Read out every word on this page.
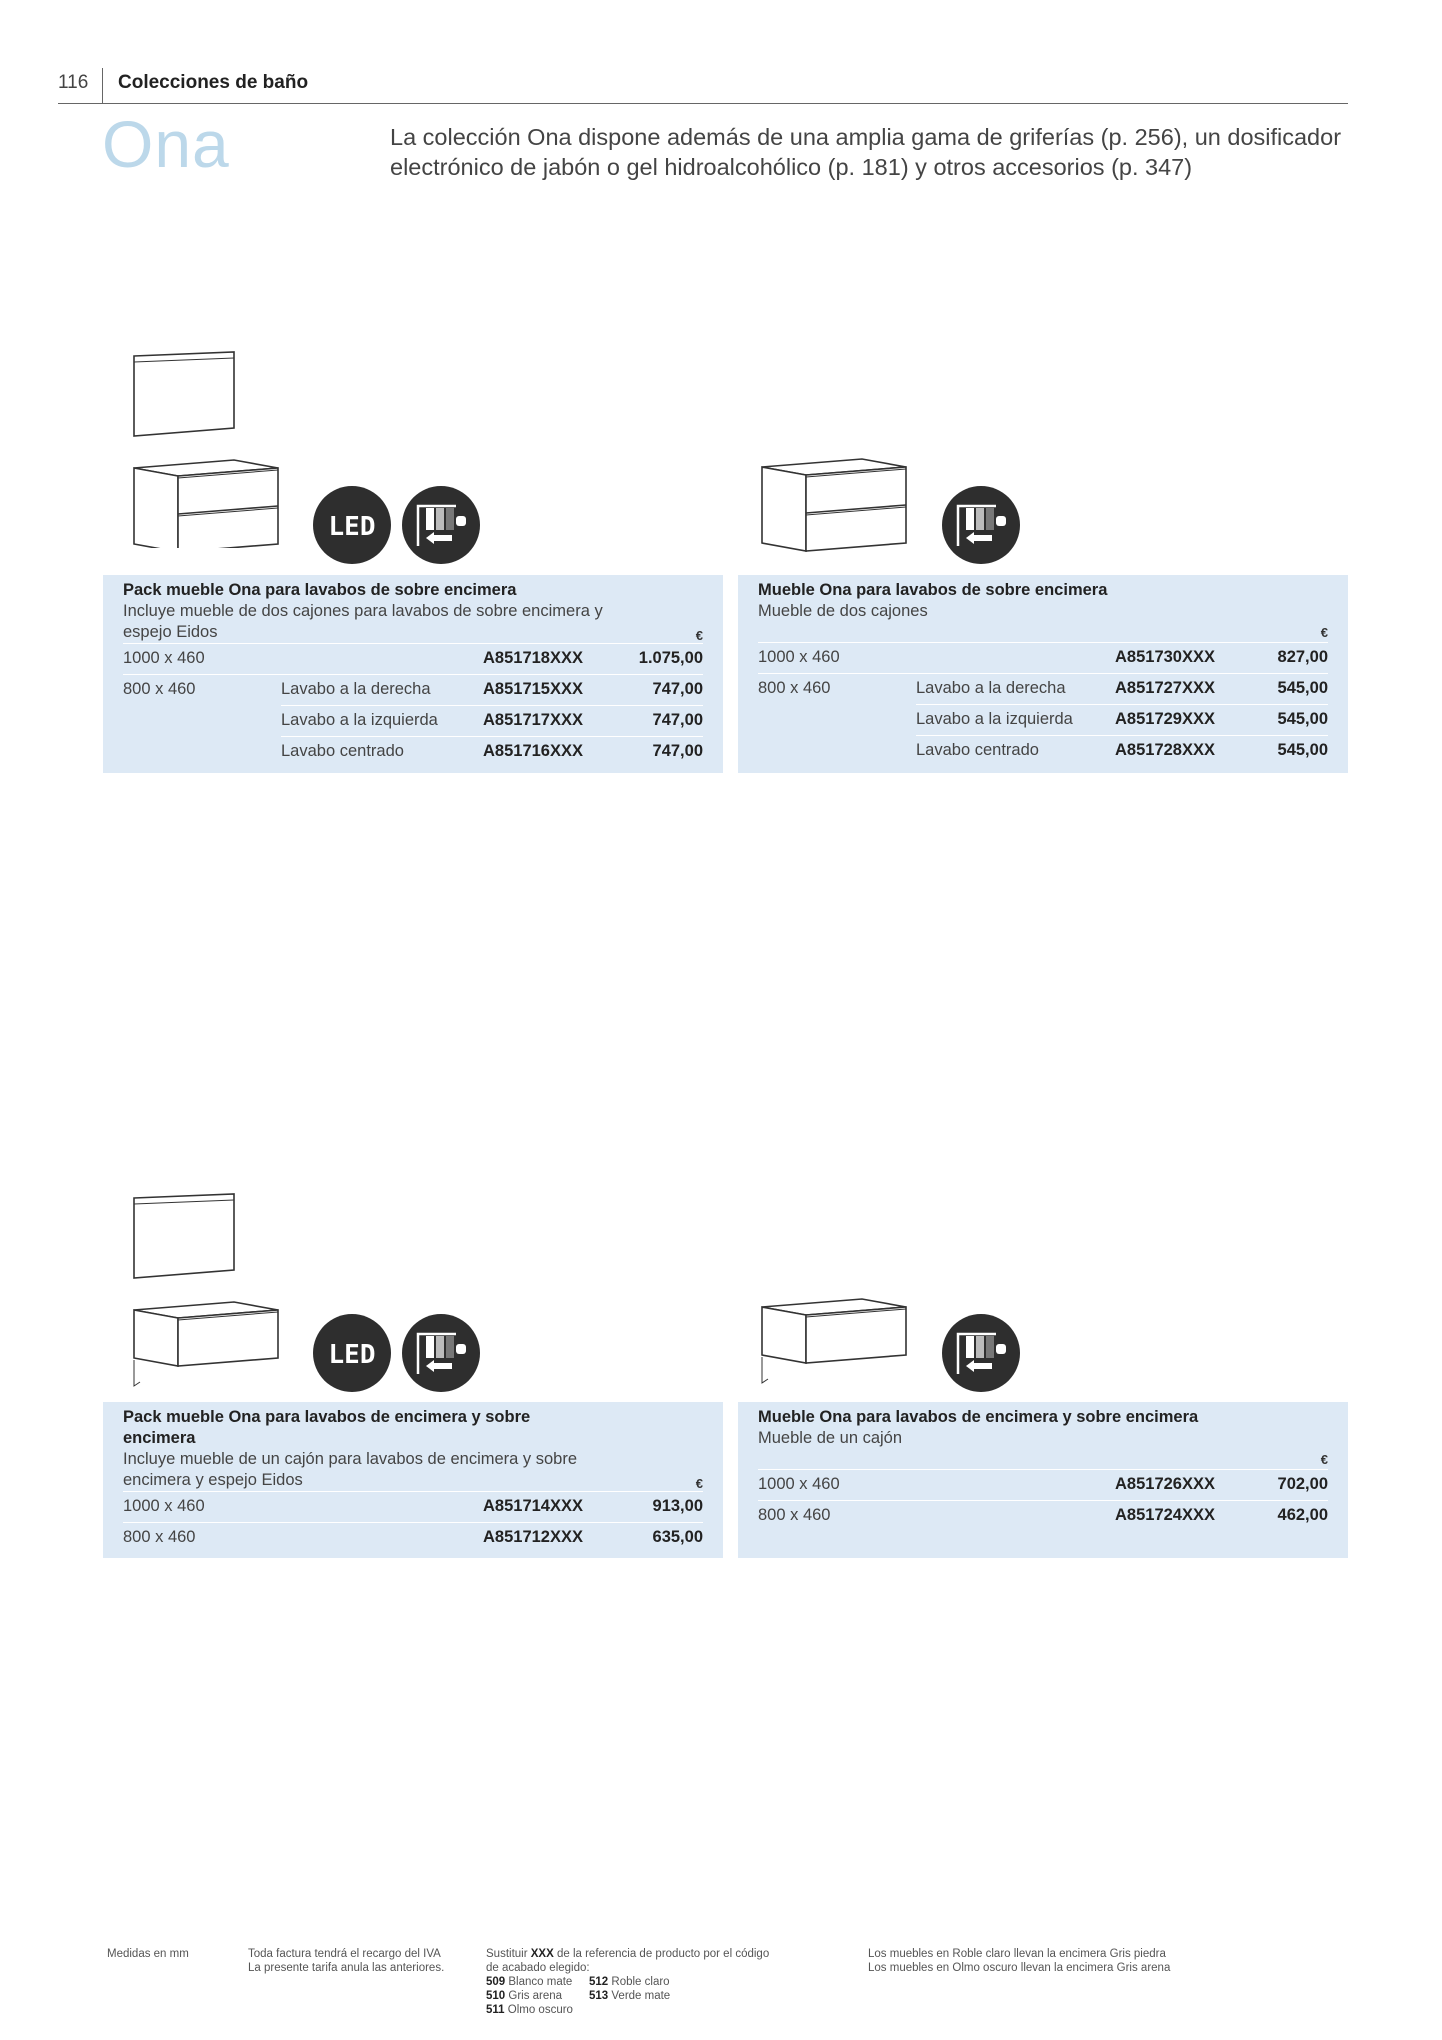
116 Colecciones de baño
Ona	La colección Ona dispone además de una amplia gama de griferías (p. 256), un dosificador electrónico de jabón o gel hidroalcohólico (p. 181) y otros accesorios (p. 347)
LED
Pack mueble Ona para lavabos de sobre encimera
Incluye mueble de dos cajones para lavabos de sobre encimera y espejo Eidos	€
1000 x 460	A851718XXX	1.075,00
800 x 460	Lavabo a la derecha	A851715XXX	747,00
Lavabo a la izquierda	A851717XXX	747,00
Lavabo centrado	A851716XXX	747,00
Mueble Ona para lavabos de sobre encimera
Mueble de dos cajones
€
1000 x 460	A851730XXX	827,00
800 x 460	Lavabo a la derecha	A851727XXX	545,00
Lavabo a la izquierda	A851729XXX	545,00
Lavabo centrado	A851728XXX	545,00
LED
Pack mueble Ona para lavabos de encimera y sobre encimera
Incluye mueble de un cajón para lavabos de encimera y sobre encimera y espejo Eidos	€
1000 x 460	A851714XXX	913,00
800 x 460	A851712XXX	635,00
Mueble Ona para lavabos de encimera y sobre encimera
Mueble de un cajón
€
1000 x 460	A851726XXX	702,00
800 x 460	A851724XXX	462,00
Medidas en mm	Toda factura tendrá el recargo del IVA
La presente tarifa anula las anteriores.
Sustituir XXX de la referencia de producto por el código
de acabado elegido:
509 Blanco mate 512 Roble claro
510 Gris arena 513 Verde mate
511 Olmo oscuro
Los muebles en Roble claro llevan la encimera Gris piedra
Los muebles en Olmo oscuro llevan la encimera Gris arena
